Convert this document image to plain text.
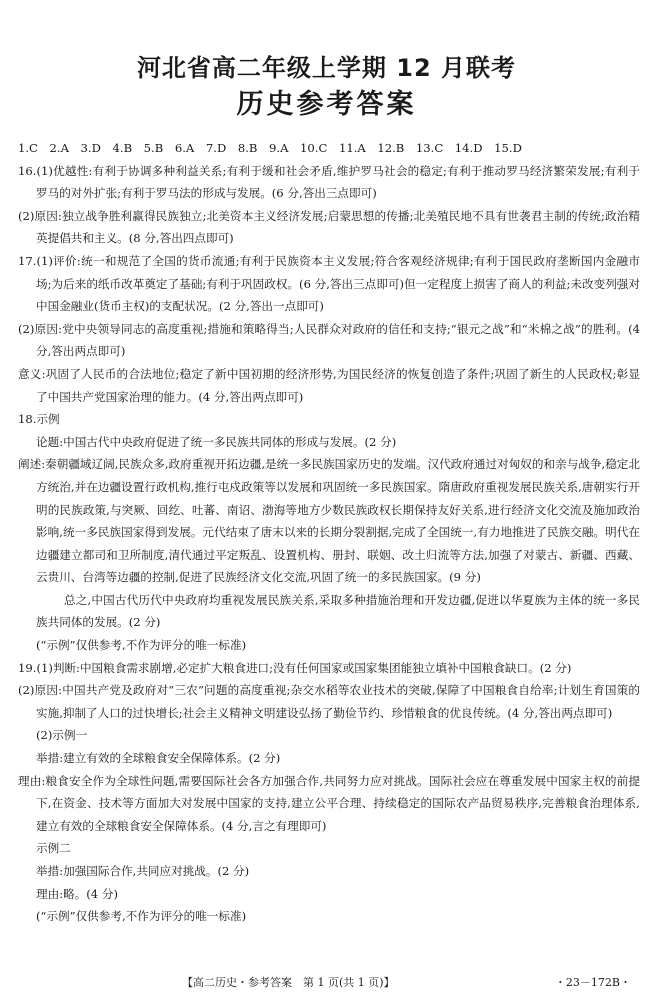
河北省高二年级上学期 12 月联考
历史参考答案

1.C　2.A　3.D　4.B　5.B　6.A　7.D　8.B　9.A　10.C　11.A　12.B　13.C　14.D　15.D

16.(1)优越性:有利于协调多种利益关系;有利于缓和社会矛盾,维护罗马社会的稳定;有利于推动罗马经济繁荣发展;有利于罗马的对外扩张;有利于罗马法的形成与发展。(6 分,答出三点即可)

(2)原因:独立战争胜利赢得民族独立;北美资本主义经济发展;启蒙思想的传播;北美殖民地不具有世袭君主制的传统;政治精英提倡共和主义。(8 分,答出四点即可)

17.(1)评价:统一和规范了全国的货币流通;有利于民族资本主义发展;符合客观经济规律;有利于国民政府垄断国内金融市场;为后来的纸币改革奠定了基础;有利于巩固政权。(6 分,答出三点即可)但一定程度上损害了商人的利益;未改变列强对中国金融业(货币主权)的支配状况。(2 分,答出一点即可)

(2)原因:党中央领导同志的高度重视;措施和策略得当;人民群众对政府的信任和支持;“银元之战”和“米棉之战”的胜利。(4 分,答出两点即可)

意义:巩固了人民币的合法地位;稳定了新中国初期的经济形势,为国民经济的恢复创造了条件;巩固了新生的人民政权;彰显了中国共产党国家治理的能力。(4 分,答出两点即可)

18.示例

论题:中国古代中央政府促进了统一多民族共同体的形成与发展。(2 分)

阐述:秦朝疆域辽阔,民族众多,政府重视开拓边疆,是统一多民族国家历史的发端。汉代政府通过对匈奴的和亲与战争,稳定北方统治,并在边疆设置行政机构,推行屯戍政策等以发展和巩固统一多民族国家。隋唐政府重视发展民族关系,唐朝实行开明的民族政策,与突厥、回纥、吐蕃、南诏、渤海等地方少数民族政权长期保持友好关系,进行经济文化交流及施加政治影响,统一多民族国家得到发展。元代结束了唐末以来的长期分裂割据,完成了全国统一,有力地推进了民族交融。明代在边疆建立都司和卫所制度,清代通过平定叛乱、设置机构、册封、联姻、改土归流等方法,加强了对蒙古、新疆、西藏、云贵川、台湾等边疆的控制,促进了民族经济文化交流,巩固了统一的多民族国家。(9 分)

总之,中国古代历代中央政府均重视发展民族关系,采取多种措施治理和开发边疆,促进以华夏族为主体的统一多民族共同体的发展。(2 分)

(“示例”仅供参考,不作为评分的唯一标准)

19.(1)判断:中国粮食需求剧增,必定扩大粮食进口;没有任何国家或国家集团能独立填补中国粮食缺口。(2 分)

(2)原因:中国共产党及政府对“三农”问题的高度重视;杂交水稻等农业技术的突破,保障了中国粮食自给率;计划生育国策的实施,抑制了人口的过快增长;社会主义精神文明建设弘扬了勤俭节约、珍惜粮食的优良传统。(4 分,答出两点即可)

(2)示例一

举措:建立有效的全球粮食安全保障体系。(2 分)

理由:粮食安全作为全球性问题,需要国际社会各方加强合作,共同努力应对挑战。国际社会应在尊重发展中国家主权的前提下,在资金、技术等方面加大对发展中国家的支持,建立公平合理、持续稳定的国际农产品贸易秩序,完善粮食治理体系,建立有效的全球粮食安全保障体系。(4 分,言之有理即可)

示例二

举措:加强国际合作,共同应对挑战。(2 分)

理由:略。(4 分)

(“示例”仅供参考,不作为评分的唯一标准)

【高二历史・参考答案　第 1 页(共 1 页)】	・23－172B・
